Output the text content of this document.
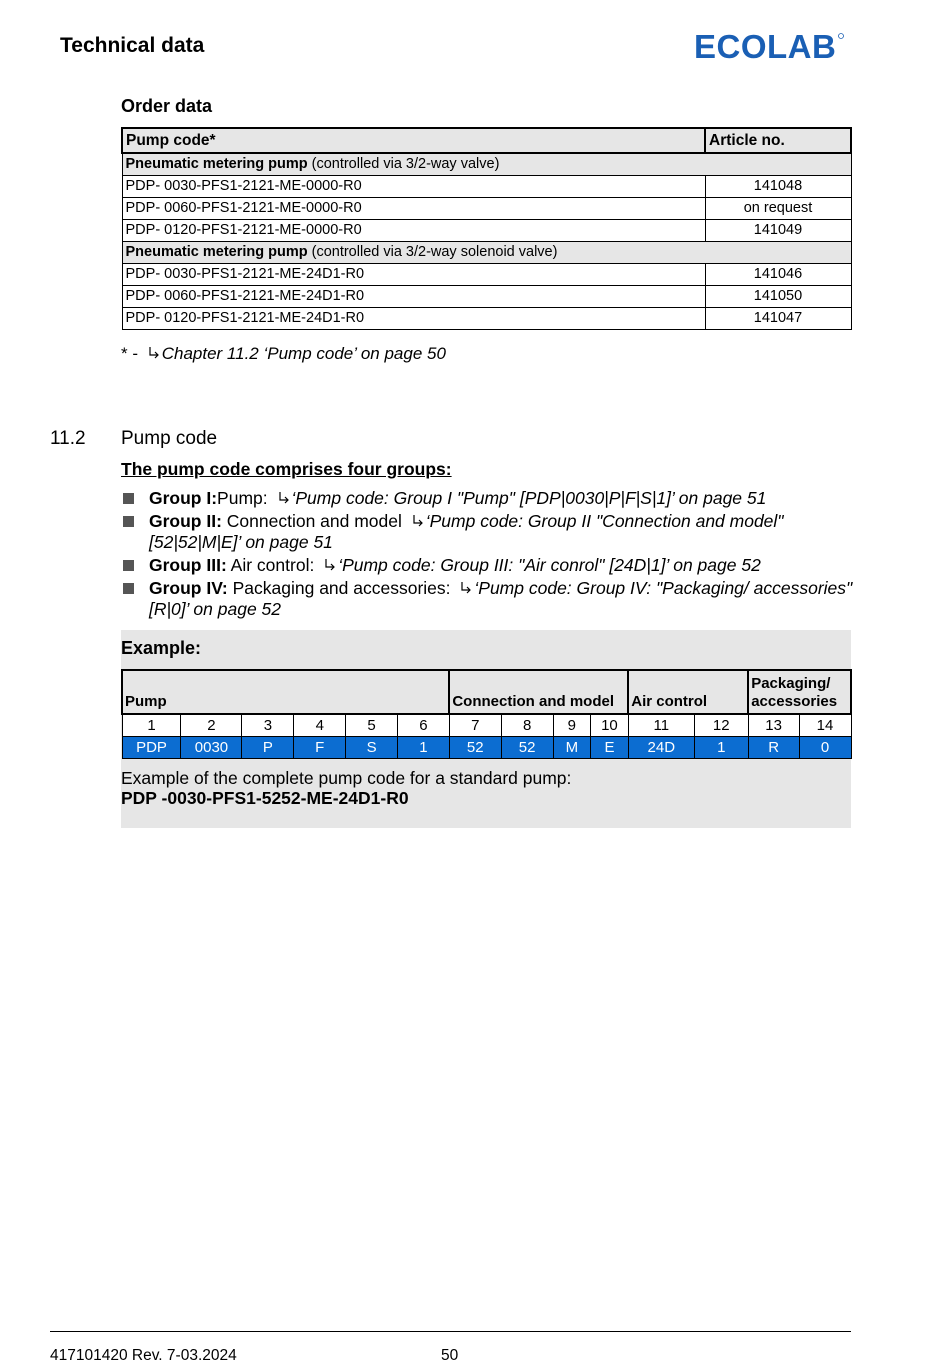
Technical data	ECOLAB
Order data
Pump code*	Article no.
Pneumatic metering pump (controlled via 3/2-way valve)	
PDP- 0030-PFS1-2121-ME-0000-R0	141048
PDP- 0060-PFS1-2121-ME-0000-R0	on request
PDP- 0120-PFS1-2121-ME-0000-R0	141049
Pneumatic metering pump (controlled via 3/2-way solenoid valve)	
PDP- 0030-PFS1-2121-ME-24D1-R0	141046
PDP- 0060-PFS1-2121-ME-24D1-R0	141050
PDP- 0120-PFS1-2121-ME-24D1-R0	141047
* - Chapter 11.2 ‘Pump code’ on page 50
11.2 Pump code
The pump code comprises four groups:
Group I:Pump: ‘Pump code: Group I "Pump" [PDP|0030|P|F|S|1]’ on page 51
Group II: Connection and model ‘Pump code: Group II "Connection and model" [52|52|M|E]’ on page 51
Group III: Air control: ‘Pump code: Group III: "Air conrol" [24D|1]’ on page 52
Group IV: Packaging and accessories: ‘Pump code: Group IV: "Packaging/ accessories"[R|0]’ on page 52
Example:
Pump						Connection and model				Air control		Packaging/
accessories	
1	2	3	4	5	6	7	8	9	10	11	12	13	14
PDP	0030	P	F	S	1	52	52	M	E	24D	1	R	0
Example of the complete pump code for a standard pump:
PDP -0030-PFS1-5252-ME-24D1-R0
417101420 Rev. 7-03.2024	50
